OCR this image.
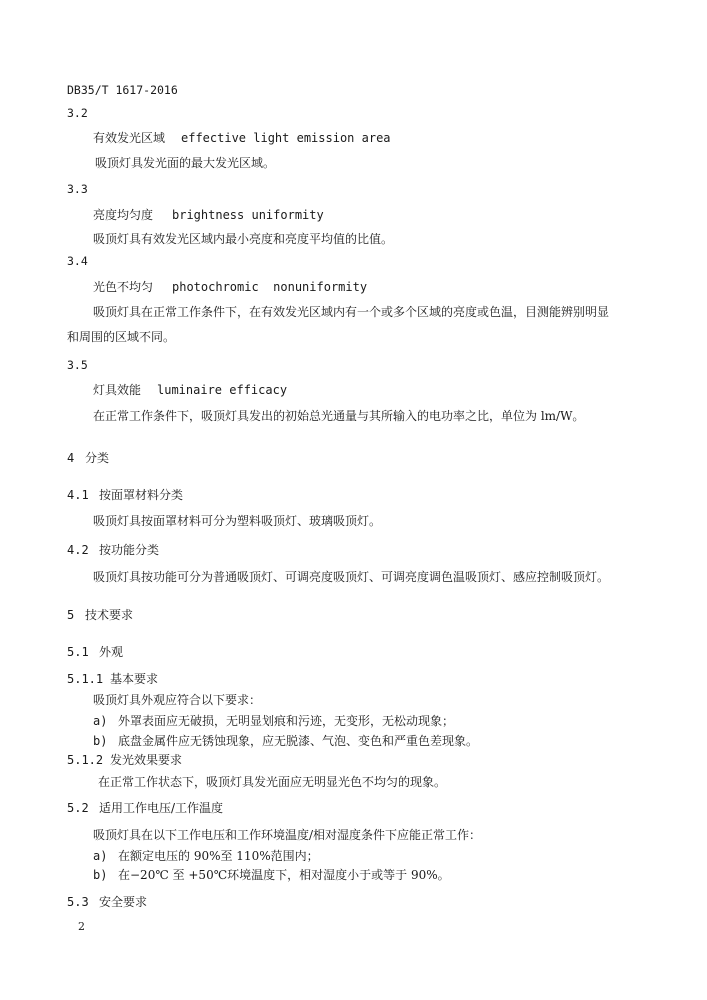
DB35/T 1617-2016
3.2
有效发光区域 effective light emission area
吸顶灯具发光面的最大发光区域。
3.3
亮度均匀度 brightness uniformity
吸顶灯具有效发光区域内最小亮度和亮度平均值的比值。
3.4
光色不均匀 photochromic  nonuniformity
吸顶灯具在正常工作条件下，在有效发光区域内有一个或多个区域的亮度或色温，目测能辨别明显
和周围的区域不同。
3.5
灯具效能 luminaire efficacy
在正常工作条件下，吸顶灯具发出的初始总光通量与其所输入的电功率之比，单位为 lm/W。
4 分类
4.1 按面罩材料分类
吸顶灯具按面罩材料可分为塑料吸顶灯、玻璃吸顶灯。
4.2 按功能分类
吸顶灯具按功能可分为普通吸顶灯、可调亮度吸顶灯、可调亮度调色温吸顶灯、感应控制吸顶灯。
5 技术要求
5.1 外观
5.1.1 基本要求
吸顶灯具外观应符合以下要求：
a) 外罩表面应无破损，无明显划痕和污迹，无变形，无松动现象；
b) 底盘金属件应无锈蚀现象，应无脱漆、气泡、变色和严重色差现象。
5.1.2 发光效果要求
在正常工作状态下，吸顶灯具发光面应无明显光色不均匀的现象。
5.2 适用工作电压/工作温度
吸顶灯具在以下工作电压和工作环境温度/相对湿度条件下应能正常工作：
a) 在额定电压的 90%至 110%范围内；
b) 在−20℃ 至 +50℃环境温度下，相对湿度小于或等于 90%。
5.3 安全要求
2
